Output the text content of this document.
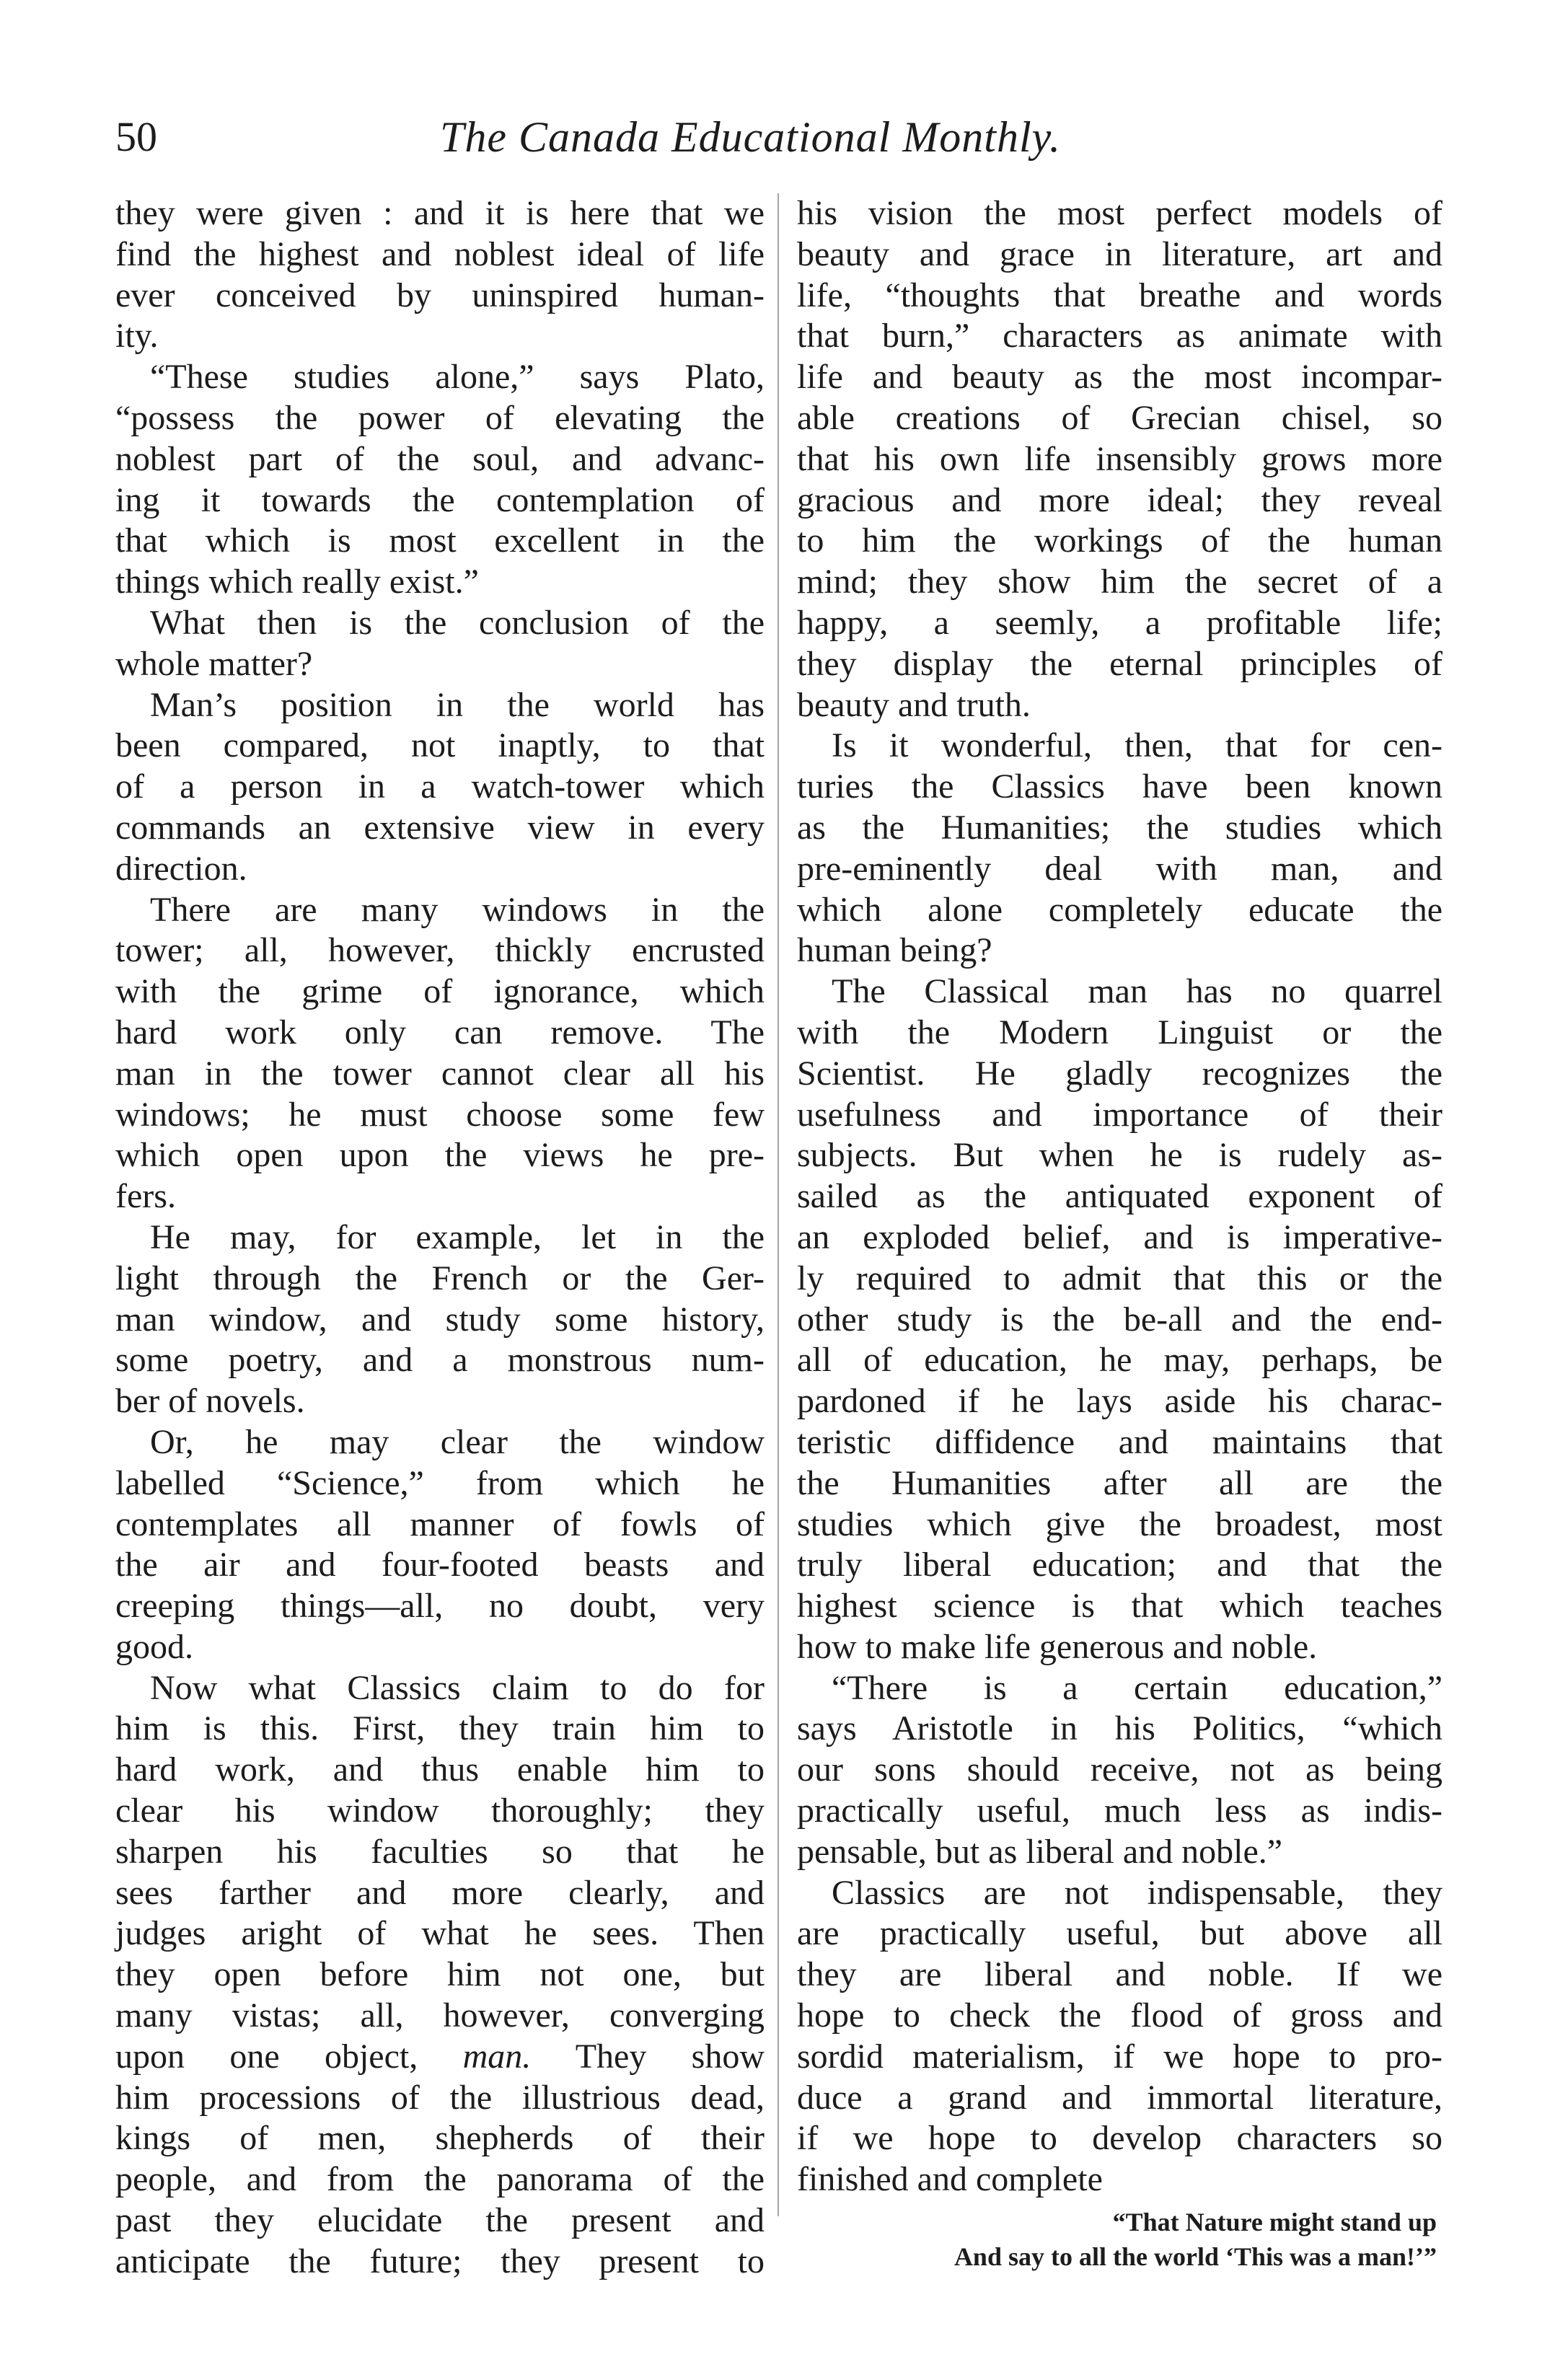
50	The Canada Educational Monthly.
they were given : and it is here that we
find the highest and noblest ideal of life
ever conceived by uninspired human-
ity.
“These studies alone,” says Plato,
“possess the power of elevating the
noblest part of the soul, and advanc-
ing it towards the contemplation of
that which is most excellent in the
things which really exist.”
What then is the conclusion of the
whole matter?
Man’s position in the world has
been compared, not inaptly, to that
of a person in a watch-tower which
commands an extensive view in every
direction.
There are many windows in the
tower; all, however, thickly encrusted
with the grime of ignorance, which
hard work only can remove. The
man in the tower cannot clear all his
windows; he must choose some few
which open upon the views he pre-
fers.
He may, for example, let in the
light through the French or the Ger-
man window, and study some history,
some poetry, and a monstrous num-
ber of novels.
Or, he may clear the window
labelled “Science,” from which he
contemplates all manner of fowls of
the air and four-footed beasts and
creeping things—all, no doubt, very
good.
Now what Classics claim to do for
him is this. First, they train him to
hard work, and thus enable him to
clear his window thoroughly; they
sharpen his faculties so that he
sees farther and more clearly, and
judges aright of what he sees. Then
they open before him not one, but
many vistas; all, however, converging
upon one object, man. They show
him processions of the illustrious dead,
kings of men, shepherds of their
people, and from the panorama of the
past they elucidate the present and
anticipate the future; they present to
his vision the most perfect models of
beauty and grace in literature, art and
life, “thoughts that breathe and words
that burn,” characters as animate with
life and beauty as the most incompar-
able creations of Grecian chisel, so
that his own life insensibly grows more
gracious and more ideal; they reveal
to him the workings of the human
mind; they show him the secret of a
happy, a seemly, a profitable life;
they display the eternal principles of
beauty and truth.
Is it wonderful, then, that for cen-
turies the Classics have been known
as the Humanities; the studies which
pre-eminently deal with man, and
which alone completely educate the
human being?
The Classical man has no quarrel
with the Modern Linguist or the
Scientist. He gladly recognizes the
usefulness and importance of their
subjects. But when he is rudely as-
sailed as the antiquated exponent of
an exploded belief, and is imperative-
ly required to admit that this or the
other study is the be-all and the end-
all of education, he may, perhaps, be
pardoned if he lays aside his charac-
teristic diffidence and maintains that
the Humanities after all are the
studies which give the broadest, most
truly liberal education; and that the
highest science is that which teaches
how to make life generous and noble.
“There is a certain education,”
says Aristotle in his Politics, “which
our sons should receive, not as being
practically useful, much less as indis-
pensable, but as liberal and noble.”
Classics are not indispensable, they
are practically useful, but above all
they are liberal and noble. If we
hope to check the flood of gross and
sordid materialism, if we hope to pro-
duce a grand and immortal literature,
if we hope to develop characters so
finished and complete
“That Nature might stand up
And say to all the world ‘This was a man!’”
